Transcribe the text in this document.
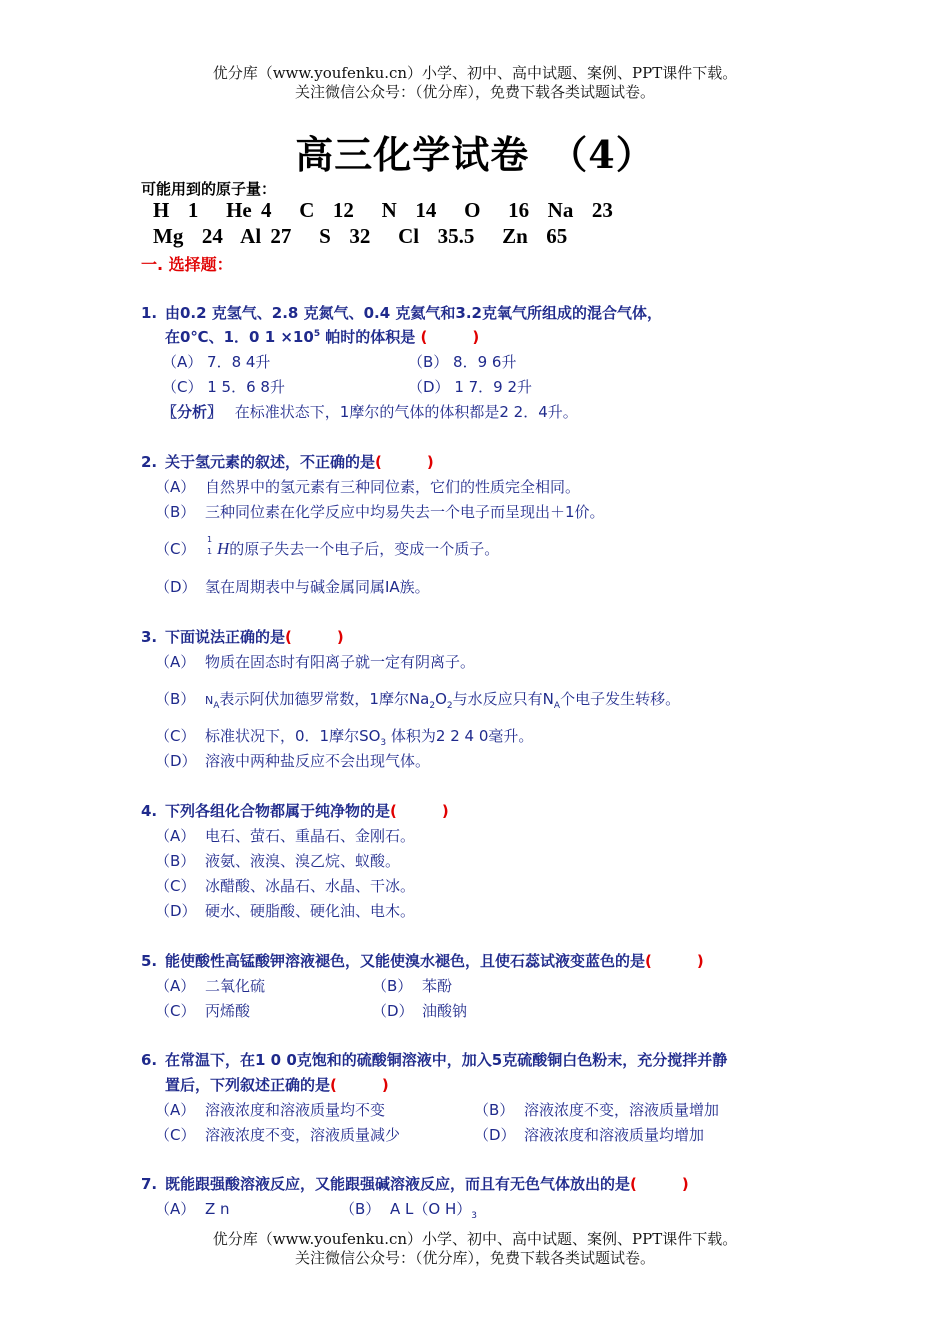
优分库（www.youfenku.cn）小学、初中、高中试题、案例、PPT课件下载。

关注微信公众号：（优分库），免费下载各类试题试卷。

高三化学试卷　（4）
可能用到的原子量：
H  1   He 4   C  12   N  14   O   16  Na  23
Mg  24  Al 27   S  32   Cl  35.5   Zn  65
一. 选择题：
1. 由0.2 克氢气、2.8 克氮气、0.4 克氦气和3.2克氧气所组成的混合气体，
在0℃、1．0 $1 \times 10^5$ 帕时的体积是 (　　　)
（A） 7．8 4升	（B） 8．9 6升
（C） 1 5．6 8升	（D） 1 7．9 2升
〖分析〗 在标准状态下，1摩尔的气体的体积都是2 2．4升。
2. 关于氢元素的叙述，不正确的是(　　　)
（A） 自然界中的氢元素有三种同位素，它们的性质完全相同。
（B） 三种同位素在化学反应中均易失去一个电子而呈现出＋1价。
（C）
1
1 H的原子失去一个电子后，变成一个质子。
（D） 氢在周期表中与碱金属同属ⅠA族。
3. 下面说法正确的是(　　　)
（A） 物质在固态时有阳离子就一定有阴离子。
（B） $N_A$表示阿伏加德罗常数，1摩尔$Na_2O_2$与水反应只有$N_A$个电子发生转移。
（C） 标准状况下，0．1摩尔$SO_3$ 体积为2 2 4 0毫升。
（D） 溶液中两种盐反应不会出现气体。
4. 下列各组化合物都属于纯净物的是(　　　)
（A） 电石、萤石、重晶石、金刚石。
（B） 液氨、液溴、溴乙烷、蚁酸。
（C） 冰醋酸、冰晶石、水晶、干冰。
（D） 硬水、硬脂酸、硬化油、电木。
5. 能使酸性高锰酸钾溶液褪色，又能使溴水褪色，且使石蕊试液变蓝色的是(　　　)
（A） 二氧化硫	（B） 苯酚
（C） 丙烯酸	（D） 油酸钠
6. 在常温下，在1 0 0克饱和的硫酸铜溶液中，加入5克硫酸铜白色粉末，充分搅拌并静
置后，下列叙述正确的是(　　　)
（A） 溶液浓度和溶液质量均不变	（B） 溶液浓度不变，溶液质量增加
（C） 溶液浓度不变，溶液质量减少	（D） 溶液浓度和溶液质量均增加
7. 既能跟强酸溶液反应，又能跟强碱溶液反应，而且有无色气体放出的是(　　　)
（A） Z n	（B） A L（O $H)_3$

优分库（www.youfenku.cn）小学、初中、高中试题、案例、PPT课件下载。

关注微信公众号：（优分库），免费下载各类试题试卷。
